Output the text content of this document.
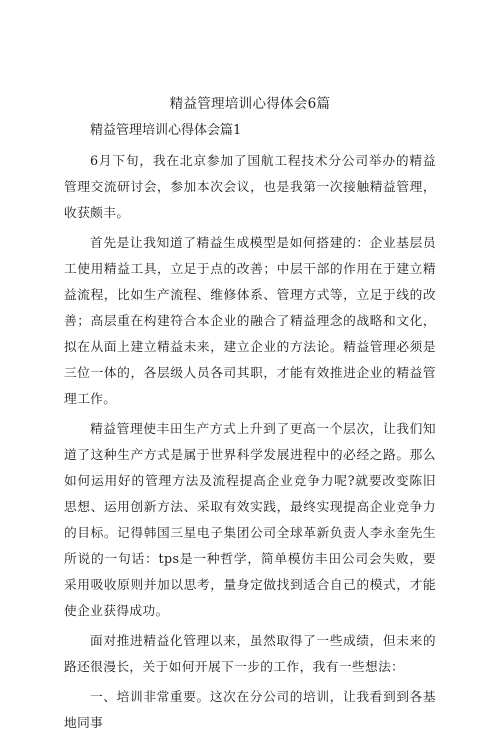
精益管理培训心得体会6篇
精益管理培训心得体会篇1

6月下旬，我在北京参加了国航工程技术分公司举办的精益管理交流研讨会，参加本次会议，也是我第一次接触精益管理，收获颇丰。

首先是让我知道了精益生成模型是如何搭建的：企业基层员工使用精益工具，立足于点的改善；中层干部的作用在于建立精益流程，比如生产流程、维修体系、管理方式等，立足于线的改善；高层重在构建符合本企业的融合了精益理念的战略和文化，拟在从面上建立精益未来，建立企业的方法论。精益管理必须是三位一体的，各层级人员各司其职，才能有效推进企业的精益管理工作。

精益管理使丰田生产方式上升到了更高一个层次，让我们知道了这种生产方式是属于世界科学发展进程中的必经之路。那么如何运用好的管理方法及流程提高企业竞争力呢?就要改变陈旧思想、运用创新方法、采取有效实践，最终实现提高企业竞争力的目标。记得韩国三星电子集团公司全球革新负责人李永奎先生所说的一句话：tps是一种哲学，简单模仿丰田公司会失败，要采用吸收原则并加以思考，量身定做找到适合自己的模式，才能使企业获得成功。

面对推进精益化管理以来，虽然取得了一些成绩，但未来的路还很漫长，关于如何开展下一步的工作，我有一些想法：

一、培训非常重要。这次在分公司的培训，让我看到到各基地同事
